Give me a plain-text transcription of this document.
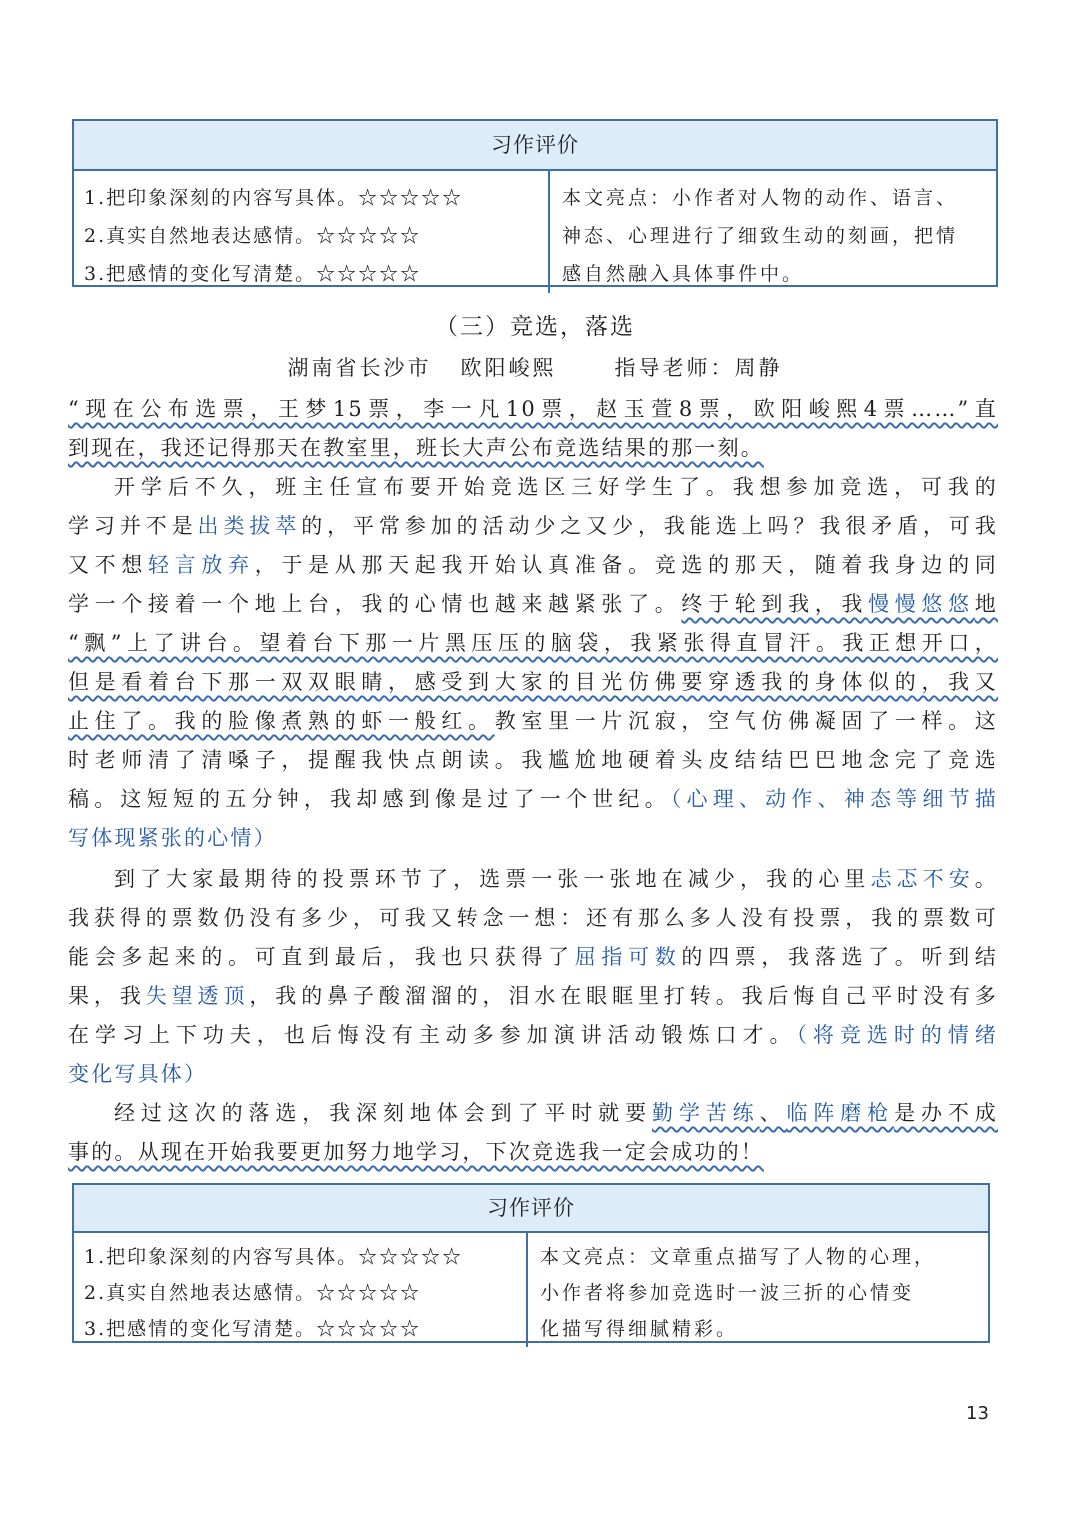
习作评价
1.把印象深刻的内容写具体。☆☆☆☆☆
2.真实自然地表达感情。☆☆☆☆☆
3.把感情的变化写清楚。☆☆☆☆☆
本文亮点：小作者对人物的动作、语言、
神态、心理进行了细致生动的刻画，把情
感自然融入具体事件中。
（三）竞选，落选
湖南省长沙市   欧阳峻熙      指导老师：周静
“现在公布选票，王梦15票，李一凡10票，赵玉萱8票，欧阳峻熙4票……”直
到现在，我还记得那天在教室里，班长大声公布竞选结果的那一刻。
开学后不久，班主任宣布要开始竞选区三好学生了。我想参加竞选，可我的
学习并不是出类拔萃的，平常参加的活动少之又少，我能选上吗？我很矛盾，可我
又不想轻言放弃，于是从那天起我开始认真准备。竞选的那天，随着我身边的同
学一个接着一个地上台，我的心情也越来越紧张了。终于轮到我，我慢慢悠悠地
“飘”上了讲台。望着台下那一片黑压压的脑袋，我紧张得直冒汗。我正想开口，
但是看着台下那一双双眼睛，感受到大家的目光仿佛要穿透我的身体似的，我又
止住了。我的脸像煮熟的虾一般红。教室里一片沉寂，空气仿佛凝固了一样。这
时老师清了清嗓子，提醒我快点朗读。我尴尬地硬着头皮结结巴巴地念完了竞选
稿。这短短的五分钟，我却感到像是过了一个世纪。（心理、动作、神态等细节描
写体现紧张的心情）
到了大家最期待的投票环节了，选票一张一张地在减少，我的心里忐忑不安。
我获得的票数仍没有多少，可我又转念一想：还有那么多人没有投票，我的票数可
能会多起来的。可直到最后，我也只获得了屈指可数的四票，我落选了。听到结
果，我失望透顶，我的鼻子酸溜溜的，泪水在眼眶里打转。我后悔自己平时没有多
在学习上下功夫，也后悔没有主动多参加演讲活动锻炼口才。（将竞选时的情绪
变化写具体）
经过这次的落选，我深刻地体会到了平时就要勤学苦练、临阵磨枪是办不成
事的。从现在开始我要更加努力地学习，下次竞选我一定会成功的！
习作评价
1.把印象深刻的内容写具体。☆☆☆☆☆
2.真实自然地表达感情。☆☆☆☆☆
3.把感情的变化写清楚。☆☆☆☆☆
本文亮点：文章重点描写了人物的心理，
小作者将参加竞选时一波三折的心情变
化描写得细腻精彩。
13
